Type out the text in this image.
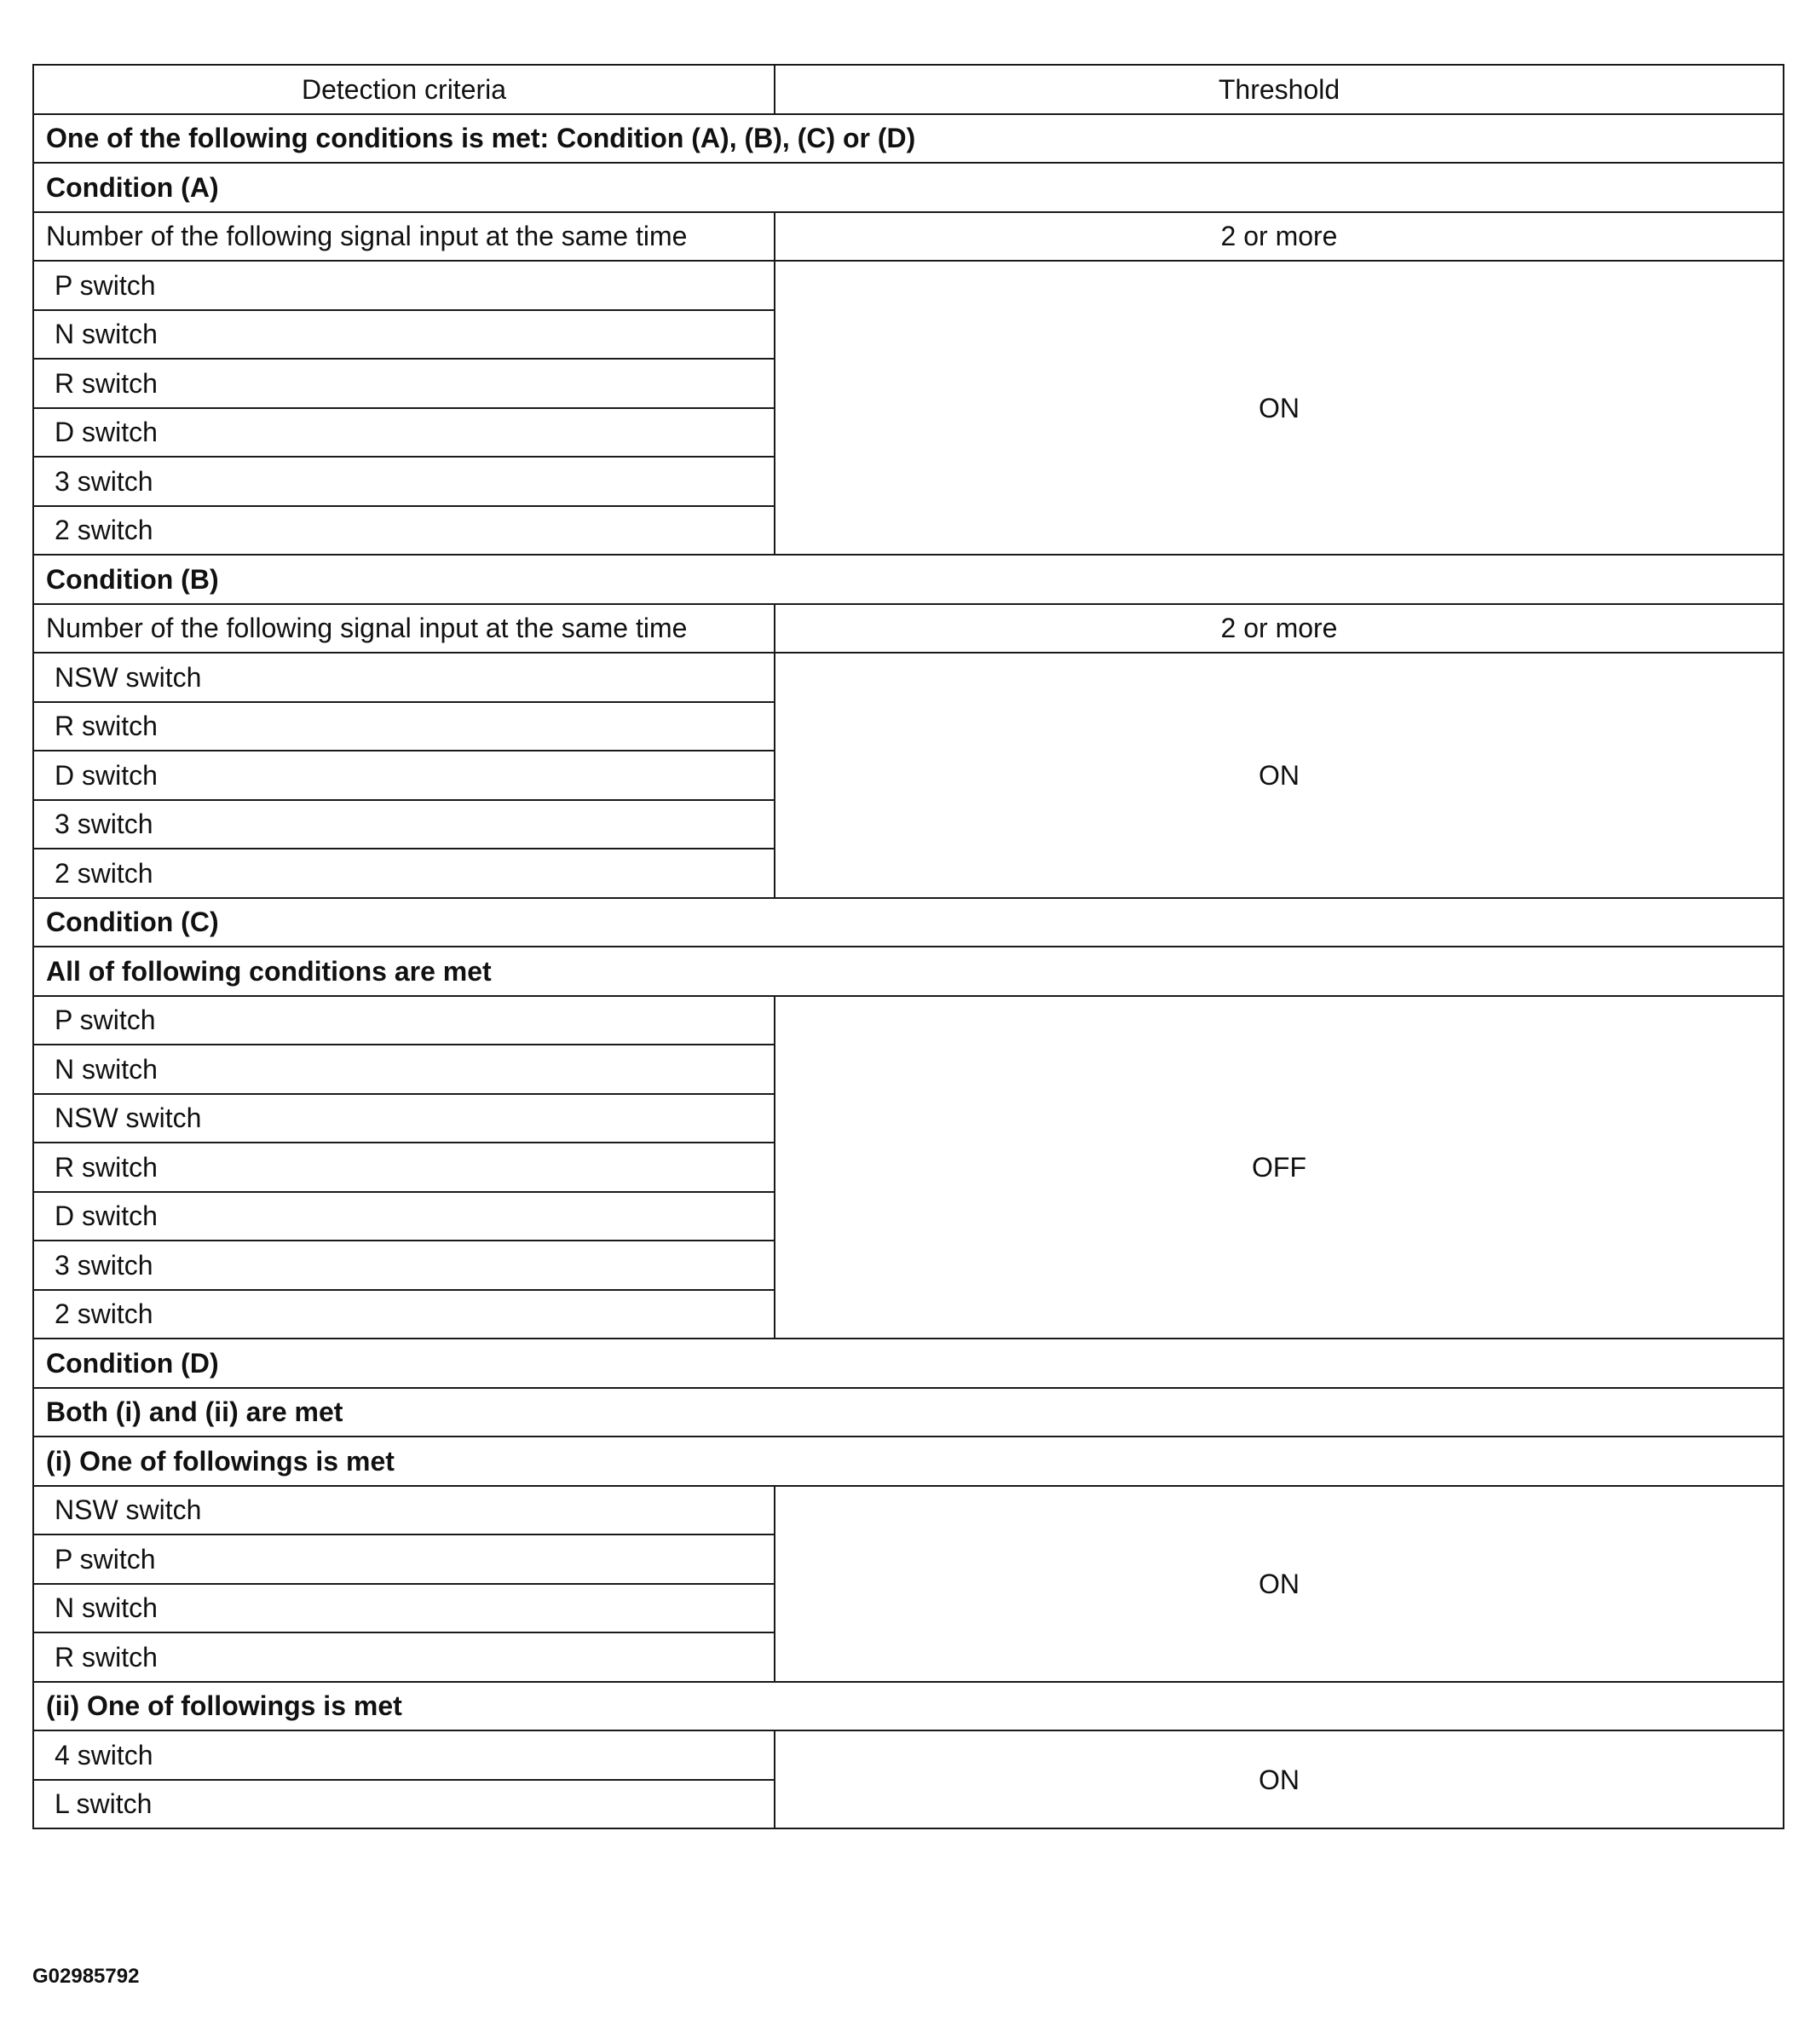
Detection criteria	Threshold
One of the following conditions is met: Condition (A), (B), (C) or (D)	
Condition (A)	
Number of the following signal input at the same time	2 or more
P switch	ON
N switch	
R switch	
D switch	
3 switch	
2 switch	
Condition (B)	
Number of the following signal input at the same time	2 or more
NSW switch	ON
R switch	
D switch	
3 switch	
2 switch	
Condition (C)	
All of following conditions are met	
P switch	OFF
N switch	
NSW switch	
R switch	
D switch	
3 switch	
2 switch	
Condition (D)	
Both (i) and (ii) are met	
(i) One of followings is met	
NSW switch	ON
P switch	
N switch	
R switch	
(ii) One of followings is met	
4 switch	ON
L switch	
G02985792
